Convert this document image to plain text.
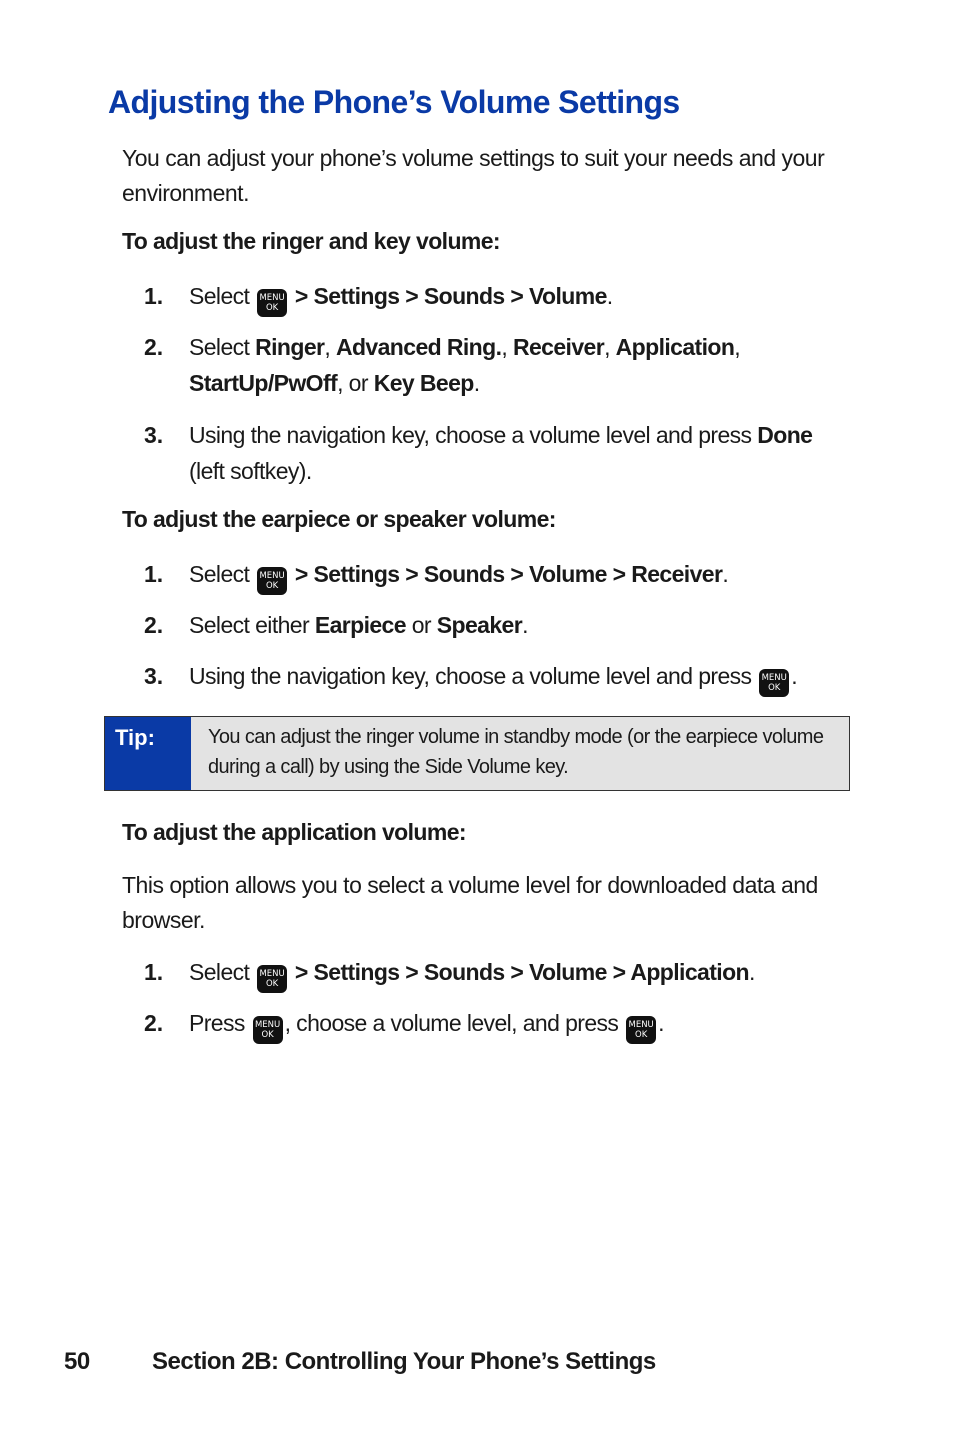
Adjusting the Phone’s Volume Settings

You can adjust your phone’s volume settings to suit your needs and your environment.

To adjust the ringer and key volume:

1. Select MENU
OK > Settings > Sounds > Volume.
2. Select Ringer, Advanced Ring., Receiver, Application, StartUp/PwOff, or Key Beep.
3. Using the navigation key, choose a volume level and press Done (left softkey).

To adjust the earpiece or speaker volume:

1. Select MENU
OK > Settings > Sounds > Volume > Receiver.
2. Select either Earpiece or Speaker.
3. Using the navigation key, choose a volume level and press MENU
OK .
Tip:	You can adjust the ringer volume in standby mode (or the earpiece volume during a call) by using the Side Volume key.

To adjust the application volume:

This option allows you to select a volume level for downloaded data and browser.

1. Select MENU
OK > Settings > Sounds > Volume > Application.
2. Press MENU
OK , choose a volume level, and press MENU
OK .
50	Section 2B: Controlling Your Phone’s Settings
